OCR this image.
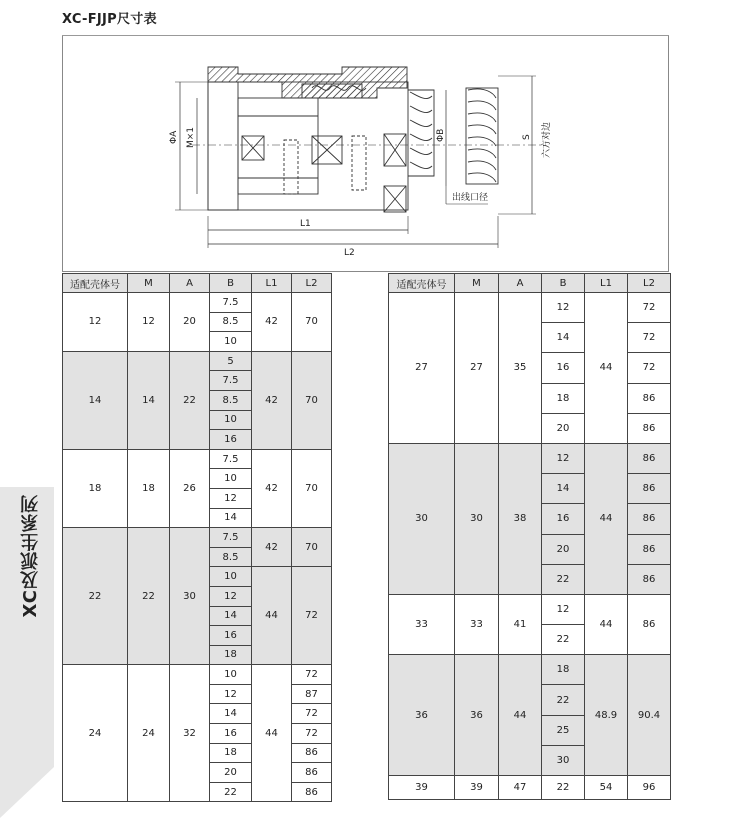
XC-FJJP尺寸表
ΦA M×1	ΦB	S 六方对边
L1
L2
出线口径
适配壳体号	M	A	B	L1	L2
12	12	20	7.5	42	70
			8.5		
			10		
14	14	22	5	42	70
			7.5		
			8.5		
			10		
			16		
18	18	26	7.5	42	70
			10		
			12		
			14		
22	22	30	7.5	42	70
			8.5		
			10	44	72
			12		
			14		
			16		
			18		
24	24	32	10	44	72
			12		87
			14		72
			16		72
			18		86
			20		86
			22		86
适配壳体号	M	A	B	L1	L2
27	27	35	12	44	72
			14		72
			16		72
			18		86
			20		86
30	30	38	12	44	86
			14		86
			16		86
			20		86
			22		86
33	33	41	12	44	86
			22		
36	36	44	18	48.9	90.4
			22		
			25		
			30		
39	39	47	22	54	96
XC及派生系列
